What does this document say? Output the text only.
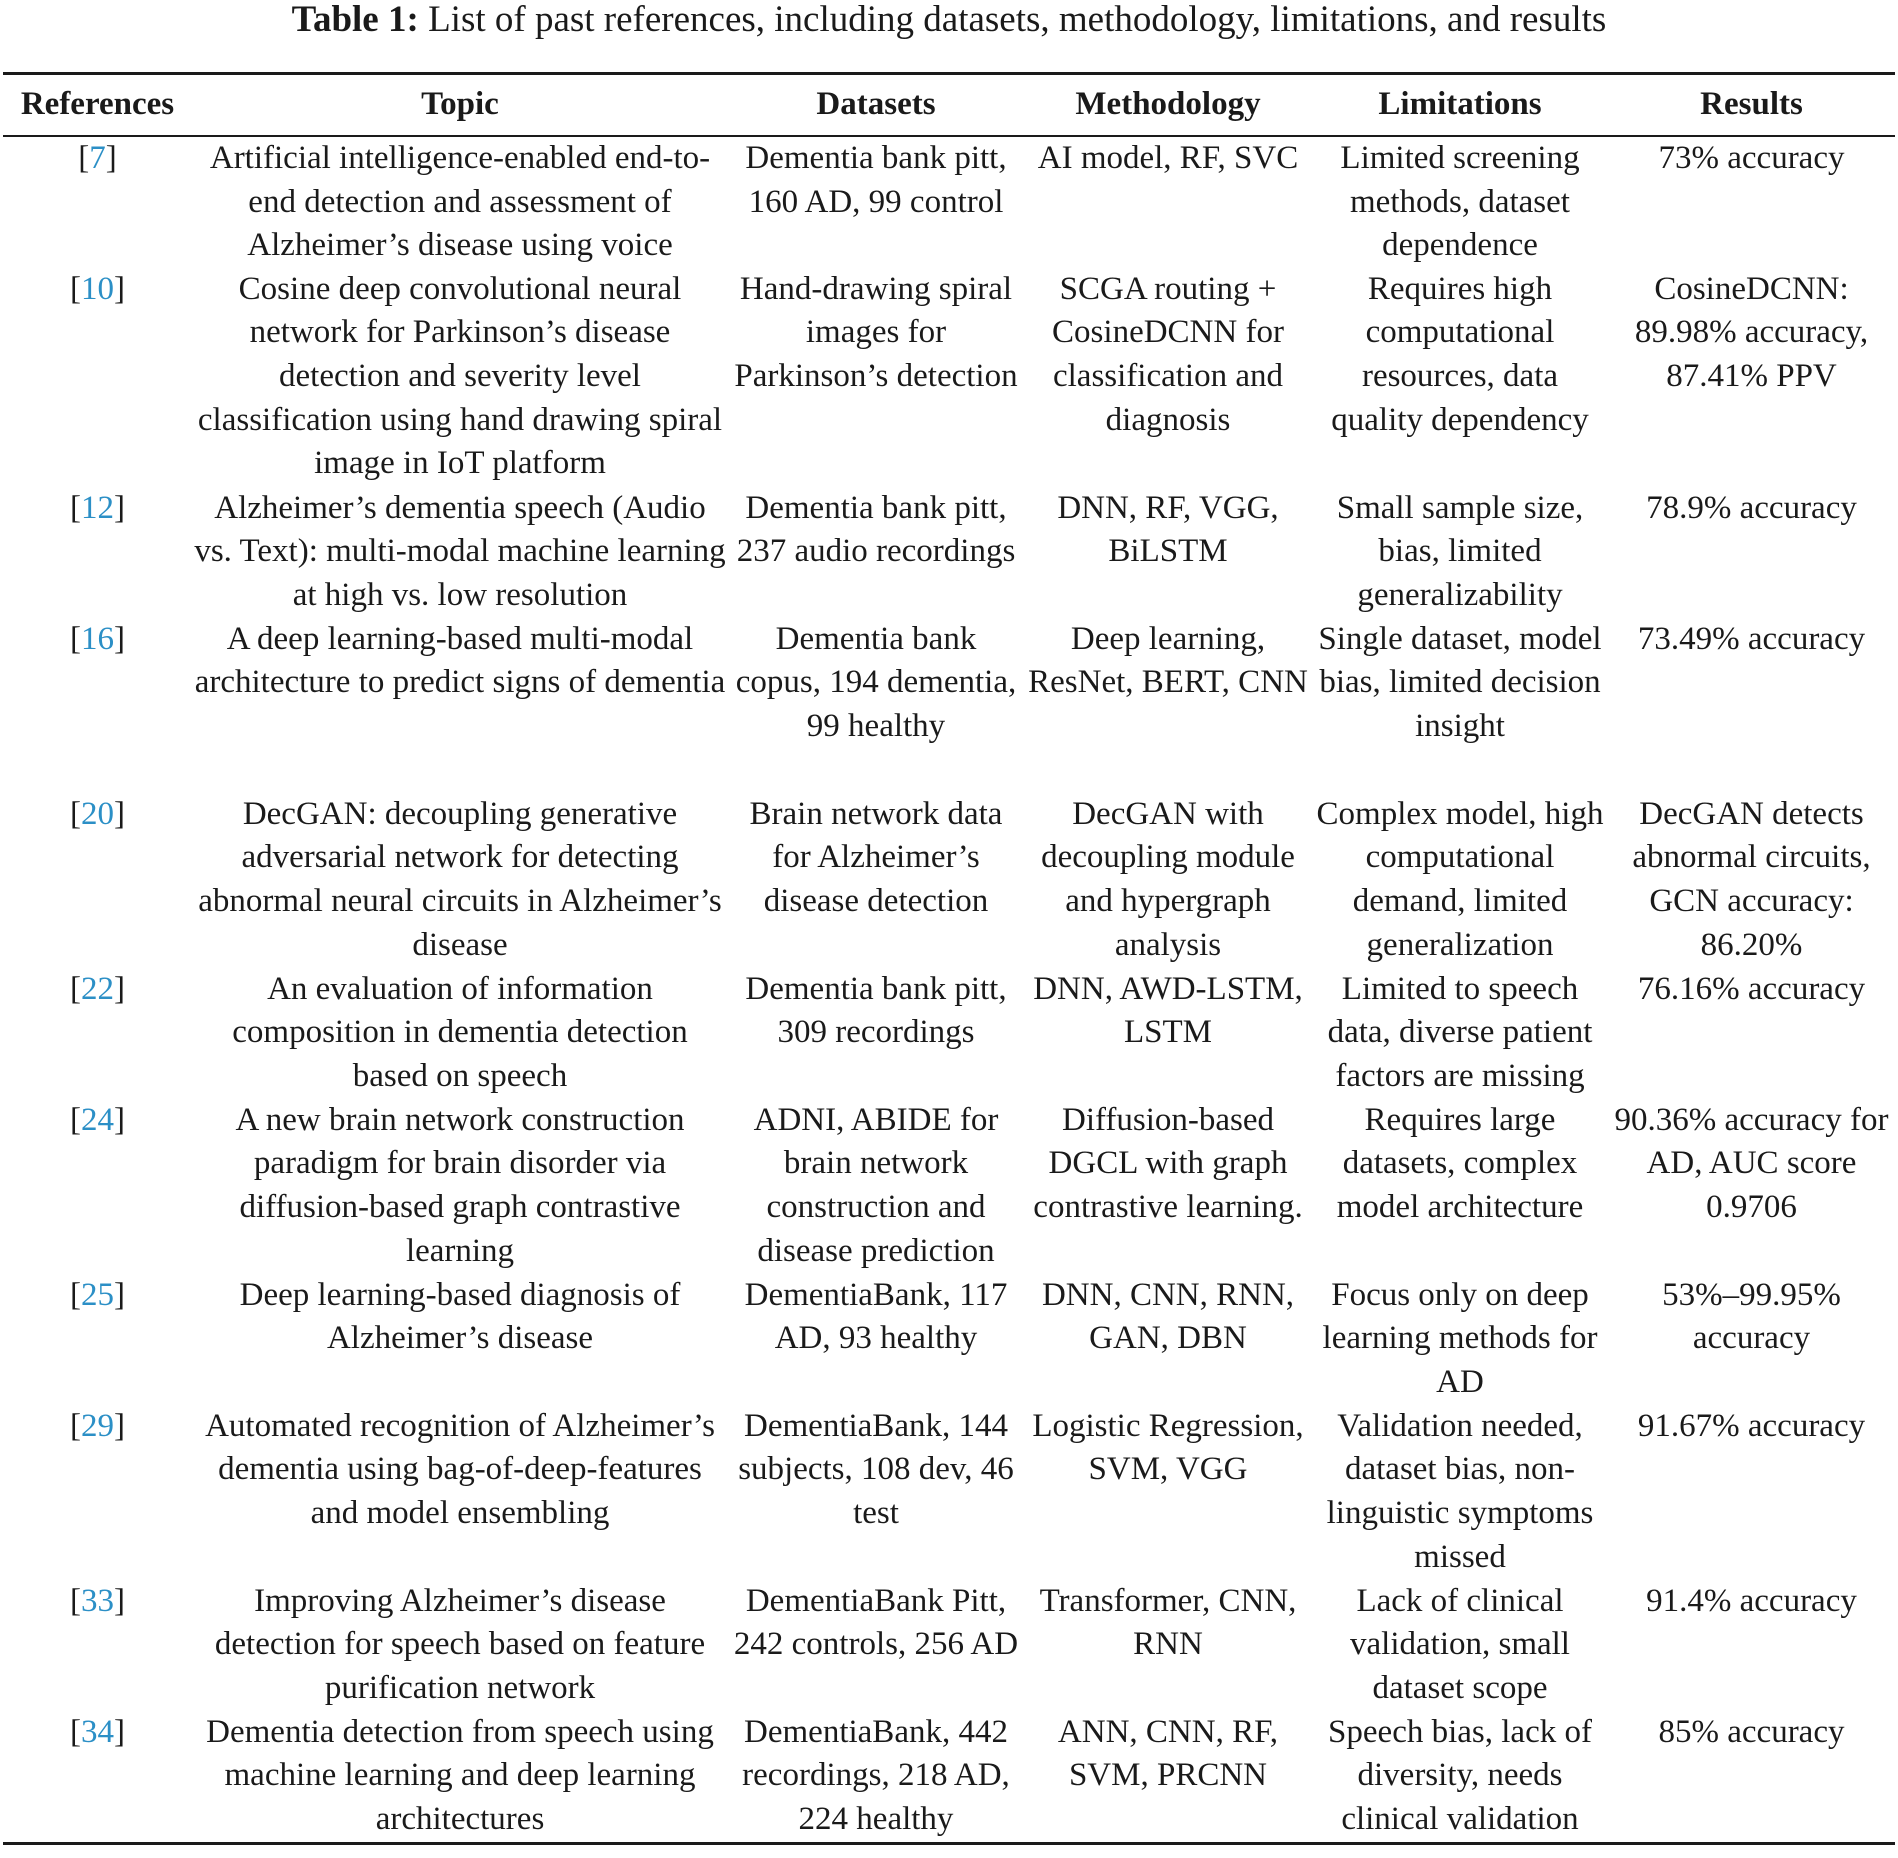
Table 1: List of past references, including datasets, methodology, limitations, and results
References	Topic	Datasets	Methodology	Limitations	Results
[7]	Artificial intelligence-enabled end-to-end detection and assessment of Alzheimer’s disease using voice	Dementia bank pitt, 160 AD, 99 control	AI model, RF, SVC	Limited screening methods, dataset dependence	73% accuracy
[10]	Cosine deep convolutional neural network for Parkinson’s disease detection and severity level classification using hand drawing spiral image in IoT platform	Hand-drawing spiral images for Parkinson’s detection	SCGA routing + CosineDCNN for classification and diagnosis	Requires high computational resources, data quality dependency	CosineDCNN: 89.98% accuracy, 87.41% PPV
[12]	Alzheimer’s dementia speech (Audio vs. Text): multi-modal machine learning at high vs. low resolution	Dementia bank pitt, 237 audio recordings	DNN, RF, VGG, BiLSTM	Small sample size, bias, limited generalizability	78.9% accuracy
[16]	A deep learning-based multi-modal architecture to predict signs of dementia	Dementia bank copus, 194 dementia, 99 healthy	Deep learning, ResNet, BERT, CNN	Single dataset, model bias, limited decision insight	73.49% accuracy
[20]	DecGAN: decoupling generative adversarial network for detecting abnormal neural circuits in Alzheimer’s disease	Brain network data for Alzheimer’s disease detection	DecGAN with decoupling module and hypergraph analysis	Complex model, high computational demand, limited generalization	DecGAN detects abnormal circuits, GCN accuracy: 86.20%
[22]	An evaluation of information composition in dementia detection based on speech	Dementia bank pitt, 309 recordings	DNN, AWD-LSTM, LSTM	Limited to speech data, diverse patient factors are missing	76.16% accuracy
[24]	A new brain network construction paradigm for brain disorder via diffusion-based graph contrastive learning	ADNI, ABIDE for brain network construction and disease prediction	Diffusion-based DGCL with graph contrastive learning.	Requires large datasets, complex model architecture	90.36% accuracy for AD, AUC score 0.9706
[25]	Deep learning-based diagnosis of Alzheimer’s disease	DementiaBank, 117 AD, 93 healthy	DNN, CNN, RNN, GAN, DBN	Focus only on deep learning methods for AD	53%–99.95% accuracy
[29]	Automated recognition of Alzheimer’s dementia using bag-of-deep-features and model ensembling	DementiaBank, 144 subjects, 108 dev, 46 test	Logistic Regression, SVM, VGG	Validation needed, dataset bias, non-linguistic symptoms missed	91.67% accuracy
[33]	Improving Alzheimer’s disease detection for speech based on feature purification network	DementiaBank Pitt, 242 controls, 256 AD	Transformer, CNN, RNN	Lack of clinical validation, small dataset scope	91.4% accuracy
[34]	Dementia detection from speech using machine learning and deep learning architectures	DementiaBank, 442 recordings, 218 AD, 224 healthy	ANN, CNN, RF, SVM, PRCNN	Speech bias, lack of diversity, needs clinical validation	85% accuracy
